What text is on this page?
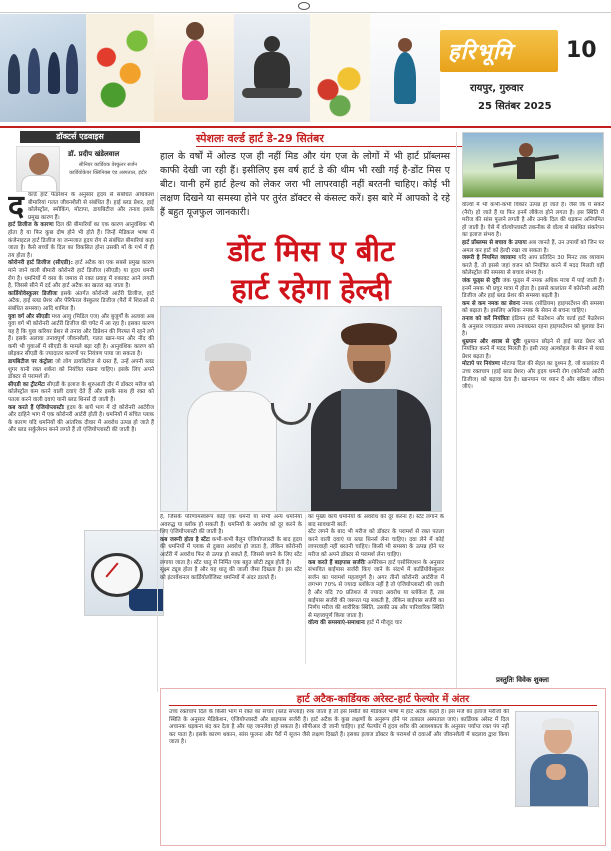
हरिभूमि 10
रायपुर, गुरुवार
25 सितंबर 2025
डॉक्टर्स एडवाइस
डॉ. प्रदीप खंडेलवाल
सीनियर कार्डियक वेस्कुलर सर्जन
कार्डियोकेयर क्लिनिक्स एंड अस्पताल, इंदौर
स्पेशलः वर्ल्ड हार्ट डे-29 सितंबर
हाल के वर्षों में ओल्ड एज ही नहीं मिड और यंग एज के लोगों में भी हार्ट प्रॉब्लम्स काफी देखी जा रही हैं। इसीलिए इस वर्ष हार्ट डे की थीम भी रखी गई है-डोंट मिस ए बीट। यानी हमें हार्ट हेल्थ को लेकर जरा भी लापरवाही नहीं बरतनी चाहिए। कोई भी लक्षण दिखने या समस्या होने पर तुरंत डॉक्टर से कंसल्ट करें। इस बारे में आपको दे रहे हैं बहुत यूजफुल जानकारी।
डोंट मिस ए बीट
हार्ट रहेगा हेल्दी
द वर्ल्ड हार्ट फेडरेशन के अनुसार हृदय से संबंधित अधिकांश बीमारियां गलत जीवनशैली से संबंधित हैं। हाई ब्लड प्रेशर, हाई कोलेस्ट्रॉल, स्मोकिंग, मोटापा, डायबिटीज और तनाव इसके प्रमुख कारण हैं।
हार्ट डिजीज के कारणः दिल की बीमारियों का एक कारण आनुवंशिक भी होता है या फिर कुछ दोष होने भी होते हैं। जिन्हें मेडिकल भाषा में कंजेनाइटल हार्ट डिजीज या जन्मजात हृदय रोग से संबंधित बीमारियां कहा जाता है। कैसे बच्चों के दिल का विकसित होना उसकी माँ के गर्भ में ही तय होता है।
कोरोनरी हार्ट डिजीज (सीएडी): हार्ट अटैक का एक सबसे प्रमुख कारण माने जाने वाली बीमारी कोरोनरी हार्ट डिजीज (सीएडी) या हृदय धमनी रोग है। धमनियों में वसा के जमाव से रक्त प्रवाह में रुकावट आने लगती है, जिससे सीने में दर्द और हार्ट अटैक का खतरा बढ़ जाता है।
कार्डियोवेस्कुलर डिजीजः इसके अंतर्गत कोरोनरी आर्टरी डिजीज, हार्ट अटैक, हाई ब्लड प्रेशर और पेरिफेरल वेस्कुलर डिजीज (पैरों में शिराओं से संबंधित समस्या) आदि शामिल हैं।
युवा वर्ग और सीएडीः मध्य आयु (मिडिल एज) और बुजुर्गों के अलावा अब युवा वर्ग भी कोरोनरी आर्टरी डिजीज की चपेट में आ रहा है। इसका कारण यह है कि युवा करियर प्रेशर से तनाव और डिप्रेशन की गिरफ्त में रहने लगे हैं। इसके अलावा तनावपूर्ण जीवनशैली, गलत खान-पान और नींद की कमी भी युवाओं में सीएडी के मामले बढ़ा रही है। आनुवंशिक कारण को छोड़कर सीएडी के ज्यादातर कारणों पर नियंत्रण पाया जा सकता है।
डायबिटीज पर कंट्रोलः जो लोग डायबिटीज से ग्रस्त हैं, उन्हें अपनी ब्लड शुगर यानी रक्त शर्करा को नियंत्रित रखना चाहिए। इसके लिए अपने डॉक्टर से परामर्श लें।
सीएडी का ट्रीटमेंटः सीएडी के इलाज के शुरुआती दौर में डॉक्टर मरीज को कोलेस्ट्रॉल कम करने वाली दवाएं देते हैं और इसके साथ ही रक्त को पतला करने वाली दवाएं यानी ब्लड थिनर्स दी जाती हैं।
कब करते हैं एंजियोप्लास्टीः हृदय के बायें भाग में दो कोरोनरी आर्टरीज और दाहिने भाग में एक कोरोनरी आर्टरी होती है। धमनियों में संचित प्लाक के कारण यदि धमनियों की आंतरिक दीवार में अवरोध उत्पन्न हो जाते हैं और ब्लड सर्कुलेशन बनने लगते हैं तो एंजियोप्लास्टी की जाती है।
है, जिसके परिणामस्वरूप कोई एक धमनी या सभी अन्य धमनियां अवरुद्ध या ब्लॉक हो सकती हैं। धमनियों के अवरोध को दूर करने के लिए एंजियोप्लास्टी की जाती है।
कब जरूरी होता है स्टेंटः कभी-कभी बैलून एंजियोप्लास्टी के बाद हृदय की धमनियों में प्लाक से दुबारा अवरोध हो जाता है, लेकिन कोरोनरी आर्टरी में अवरोध फिर से उत्पन्न हो सकते हैं, जिससे बचने के लिए स्टेंट लगाया जाता है। स्टेंट धातु से निर्मित एक बहुत छोटी ट्यूब होती है।
सूक्ष्म ट्यूब होता है और यह धातु की जाली जैसा दिखता है। इस स्टेंट को इंटरवेंशनल कार्डियोलॉजिस्ट धमनियों में अंदर डालते हैं।
का मुख्य कार्य धमनियों के अवरोध को दूर करना है। स्टेंट लगाने के बाद सावधानी बरतें:
स्टेंट लगने के बाद भी मरीज को डॉक्टर के परामर्श से रक्त पतला करने वाली दवाएं या ब्लड थिनर्स लेना चाहिए। दवा लेने में कोई लापरवाही नहीं बरतनी चाहिए। किसी भी समस्या के उत्पन्न होने पर मरीज को अपने डॉक्टर से परामर्श लेना चाहिए।
कब करते हैं बाइपास सर्जरीः अमेरिकन हार्ट एसोसिएशन के अनुसार संभावित बाईपास सर्जरी किए जाने के संदर्भ में कार्डियोवेस्कुलर सर्जन का परामर्श महत्वपूर्ण है। अगर तीनों कोरोनरी आर्टरीज में लगभग 70% से ज्यादा ब्लॉकेज नहीं है तो एंजियोप्लास्टी की जाती है और यदि 70 प्रतिशत से ज्यादा अवरोध या ब्लॉकेज हैं, तब बाईपास सर्जरी की जरूरत पड़ सकती है, लेकिन बाईपास सर्जरी का निर्णय मरीज की शारीरिक स्थिति, उसकी उम्र और पारिवारिक स्थिति से महत्त्वपूर्ण किया जाता है।
वॉल्व की समस्याएं-समाधानः हार्ट में मौजूद चार
वॉल्वों में भी कभी-कभी विकार उत्पन्न हो जाते हैं। जैसे कि ये संकरे (नैरो) हो जाते हैं या फिर इनमें लीकेज होने लगता है। इस स्थिति में मरीज की सांस फूलने लगती है और उनके दिल की धड़कन अनियमित हो जाती है। ऐसे में वॉल्वोप्लास्टी तकनीक से वॉल्व से संबंधित संकरेपन का इलाज संभव है।
हार्ट प्रॉब्लम्स से बचाव के उपायः अब जानते हैं, उन उपायों को जिन पर अमल कर हार्ट को हेल्दी रखा जा सकता है।
जरूरी है नियमित व्यायामः यदि आप प्रतिदिन 30 मिनट तक व्यायाम करते हैं, तो इससे जहां वजन को नियंत्रित करने में मदद मिलती वहीं कोलेस्ट्रॉल की समस्या से बचाव संभव है।
जंक फूड्स से दूरीः जंक फूड्स में नमक अधिक मात्रा में पाई जाती है। इनमें नमक भी प्रचुर मात्रा में होता है। इससे कालांतर में कोरोनरी आर्टरी डिजीज और हाई ब्लड प्रेशर की समस्या बढ़ती है।
कम से कम नमक का सेवनः नमक (सोडियम) हाइपरटेंशन की समस्या को बढ़ाता है। इसलिए अधिक नमक के सेवन से बचना चाहिए।
तनाव को करें नियंत्रितः इंडियन हार्ट फेडरेशन और वर्ल्ड हार्ट फेडरेशन के अनुसार ज्यादातर समय तनावग्रस्त रहना हाइपरटेंशन को बुलावा देना है।
धूम्रपान और शराब से दूरीः धूम्रपान छोड़ने से हाई ब्लड प्रेशर को नियंत्रित करने में मदद मिलती है। इसी तरह अल्कोहल के सेवन से ब्लड प्रेशर बढ़ता है।
मोटापे पर नियंत्रणः मोटापा दिल की सेहत का दुश्मन है, जो कालांतर में उच्च रक्तचाप (हाई ब्लड प्रेशर) और हृदय धमनी रोग (कोरोनरी आर्टरी डिजीज) को बढ़ावा देता है। खानपान पर ध्यान दें और सक्रिय जीवन जीएं।
प्रस्तुतिः विवेक शुक्ला
हार्ट अटैक-कार्डियक अरेस्ट-हार्ट फेल्योर में अंतर
उच्च रक्तचाप दिल के किसी भाग में रक्त का संचार (ब्लड सप्लाई) रुक जाता है तो इस स्थिति को मेडिकल भाषा में हार्ट अटैक कहते हैं। इस मर्ज का इलाज मरीजों की स्थिति के अनुसार मेडिकेशन, एंजियोप्लास्टी और बाइपास सर्जरी है। हार्ट अटैक के कुछ लक्षणों के अनुरूप होने पर तत्काल अस्पताल जाएं। कार्डियक अरेस्ट में दिल अचानक धड़कना बंद कर देता है और यह जानलेवा हो सकता है। सीपीआर दी जानी चाहिए। हार्ट फेल्योर में हृदय शरीर की आवश्यकता के अनुसार पर्याप्त रक्त पंप नहीं कर पाता है। इसके कारण थकान, सांस फूलना और पैरों में सूजन जैसे लक्षण दिखते हैं। इसका इलाज डॉक्टर के परामर्श से दवाओं और जीवनशैली में बदलाव द्वारा किया जाता है।
